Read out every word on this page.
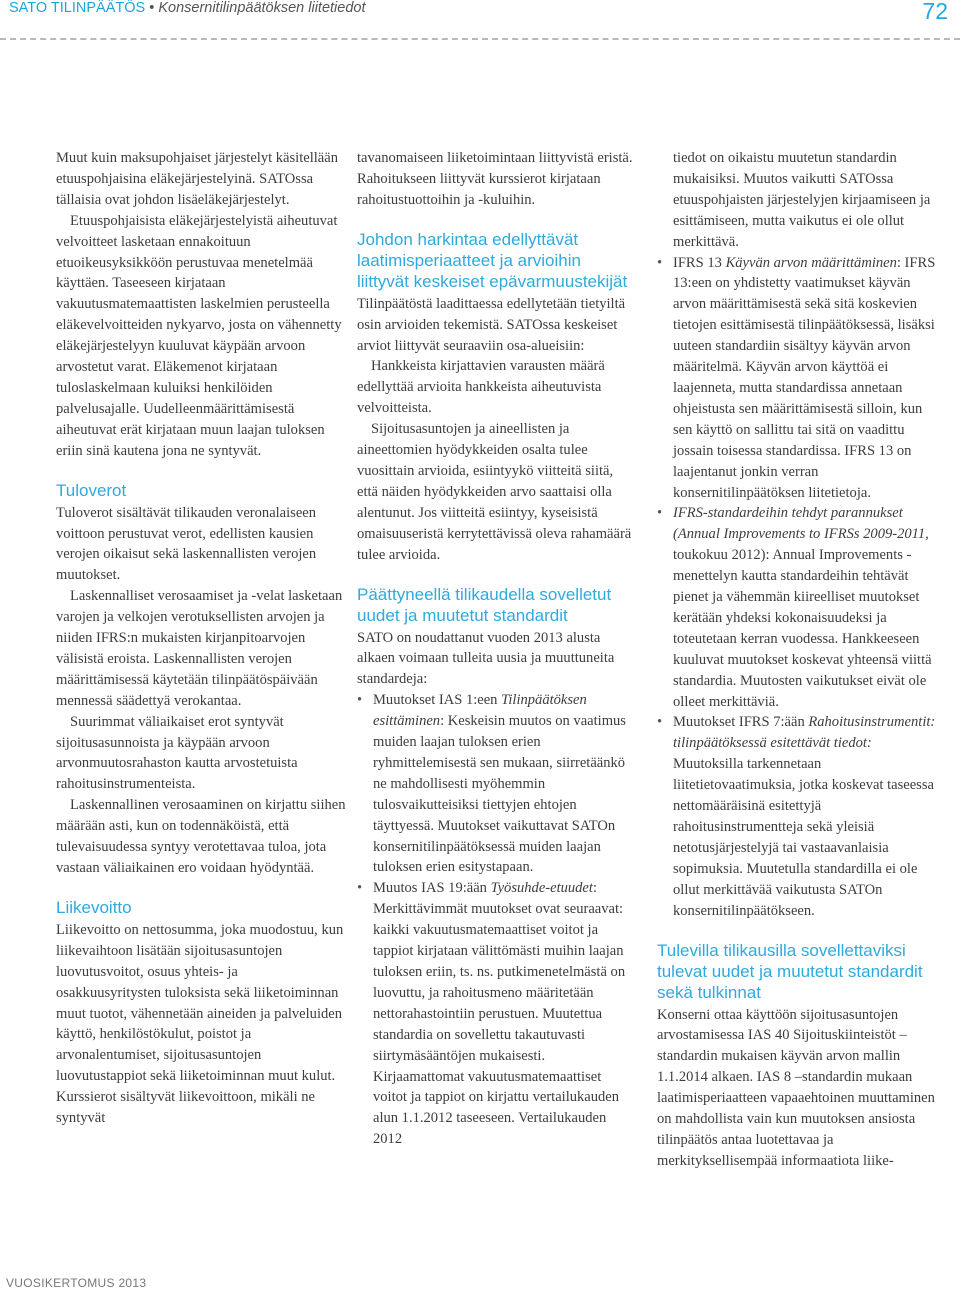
SATO TILINPÄÄTÖS • Konsernitilinpäätöksen liitetiedot	72

Muut kuin maksupohjaiset järjestelyt käsitellään etuuspohjaisina eläkejärjestelyinä. SATOssa tällaisia ovat johdon lisäeläkejärjestelyt.

Etuuspohjaisista eläkejärjestelyistä aiheutuvat velvoitteet lasketaan ennakoituun etuoikeusyksikköön perustuvaa menetelmää käyttäen. Taseeseen kirjataan vakuutusmatemaattisten laskelmien perusteella eläkevelvoitteiden nykyarvo, josta on vähennetty eläkejärjestelyyn kuuluvat käypään arvoon arvostetut varat. Eläkemenot kirjataan tuloslaskelmaan kuluiksi henkilöiden palvelusajalle. Uudelleenmäärittämisestä aiheutuvat erät kirjataan muun laajan tuloksen eriin sinä kautena jona ne syntyvät.

Tuloverot

Tuloverot sisältävät tilikauden veronalaiseen voittoon perustuvat verot, edellisten kausien verojen oikaisut sekä laskennallisten verojen muutokset.

Laskennalliset verosaamiset ja -velat lasketaan varojen ja velkojen verotuksellisten arvojen ja niiden IFRS:n mukaisten kirjanpitoarvojen välisistä eroista. Laskennallisten verojen määrittämisessä käytetään tilinpäätöspäivään mennessä säädettyä verokantaa.

Suurimmat väliaikaiset erot syntyvät sijoitusasunnoista ja käypään arvoon arvonmuutosrahaston kautta arvostetuista rahoitusinstrumenteista.

Laskennallinen verosaaminen on kirjattu siihen määrään asti, kun on todennäköistä, että tulevaisuudessa syntyy verotettavaa tuloa, jota vastaan väliaikainen ero voidaan hyödyntää.

Liikevoitto

Liikevoitto on nettosumma, joka muodostuu, kun liikevaihtoon lisätään sijoitusasuntojen luovutusvoitot, osuus yhteis- ja osakkuusyritysten tuloksista sekä liiketoiminnan muut tuotot, vähennetään aineiden ja palveluiden käyttö, henkilöstökulut, poistot ja arvonalentumiset, sijoitusasuntojen luovutustappiot sekä liiketoiminnan muut kulut. Kurssierot sisältyvät liikevoittoon, mikäli ne syntyvät

tavanomaiseen liiketoimintaan liittyvistä eristä. Rahoitukseen liittyvät kurssierot kirjataan rahoitustuottoihin ja -kuluihin.

Johdon harkintaa edellyttävät laatimisperiaatteet ja arvioihin liittyvät keskeiset epävarmuustekijät

Tilinpäätöstä laadittaessa edellytetään tietyiltä osin arvioiden tekemistä. SATOssa keskeiset arviot liittyvät seuraaviin osa-alueisiin:

Hankkeista kirjattavien varausten määrä edellyttää arvioita hankkeista aiheutuvista velvoitteista.

Sijoitusasuntojen ja aineellisten ja aineettomien hyödykkeiden osalta tulee vuosittain arvioida, esiintyykö viitteitä siitä, että näiden hyödykkeiden arvo saattaisi olla alentunut. Jos viitteitä esiintyy, kyseisistä omaisuuseristä kerrytettävissä oleva rahamäärä tulee arvioida.

Päättyneellä tilikaudella sovelletut uudet ja muutetut standardit

SATO on noudattanut vuoden 2013 alusta alkaen voimaan tulleita uusia ja muuttuneita standardeja:

• Muutokset IAS 1:een Tilinpäätöksen esittäminen: Keskeisin muutos on vaatimus muiden laajan tuloksen erien ryhmittelemisestä sen mukaan, siirretäänkö ne mahdollisesti myöhemmin tulosvaikutteisiksi tiettyjen ehtojen täyttyessä. Muutokset vaikuttavat SATOn konsernitilinpäätöksessä muiden laajan tuloksen erien esitystapaan.
• Muutos IAS 19:ään Työsuhde-etuudet: Merkittävimmät muutokset ovat seuraavat: kaikki vakuutusmatemaattiset voitot ja tappiot kirjataan välittömästi muihin laajan tuloksen eriin, ts. ns. putkimenetelmästä on luovuttu, ja rahoitusmeno määritetään nettorahastointiin perustuen. Muutettua standardia on sovellettu takautuvasti siirtymäsääntöjen mukaisesti. Kirjaamattomat vakuutusmatemaattiset voitot ja tappiot on kirjattu vertailukauden alun 1.1.2012 taseeseen. Vertailukauden 2012

tiedot on oikaistu muutetun standardin mukaisiksi. Muutos vaikutti SATOssa etuuspohjaisten järjestelyjen kirjaamiseen ja esittämiseen, mutta vaikutus ei ole ollut merkittävä.

• IFRS 13 Käyvän arvon määrittäminen: IFRS 13:een on yhdistetty vaatimukset käyvän arvon määrittämisestä sekä sitä koskevien tietojen esittämisestä tilinpäätöksessä, lisäksi uuteen standardiin sisältyy käyvän arvon määritelmä. Käyvän arvon käyttöä ei laajenneta, mutta standardissa annetaan ohjeistusta sen määrittämisestä silloin, kun sen käyttö on sallittu tai sitä on vaadittu jossain toisessa standardissa. IFRS 13 on laajentanut jonkin verran konsernitilinpäätöksen liitetietoja.
• IFRS-standardeihin tehdyt parannukset (Annual Improvements to IFRSs 2009-2011, toukokuu 2012): Annual Improvements -menettelyn kautta standardeihin tehtävät pienet ja vähemmän kiireelliset muutokset kerätään yhdeksi kokonaisuudeksi ja toteutetaan kerran vuodessa. Hankkeeseen kuuluvat muutokset koskevat yhteensä viittä standardia. Muutosten vaikutukset eivät ole olleet merkittäviä.
• Muutokset IFRS 7:ään Rahoitusinstrumentit: tilinpäätöksessä esitettävät tiedot: Muutoksilla tarkennetaan liitetietovaatimuksia, jotka koskevat taseessa nettomääräisinä esitettyjä rahoitusinstrumentteja sekä yleisiä netotusjärjestelyjä tai vastaavanlaisia sopimuksia. Muutetulla standardilla ei ole ollut merkittävää vaikutusta SATOn konsernitilinpäätökseen.
Tulevilla tilikausilla sovellettaviksi tulevat uudet ja muutetut standardit sekä tulkinnat

Konserni ottaa käyttöön sijoitusasuntojen arvostamisessa IAS 40 Sijoituskiinteistöt –standardin mukaisen käyvän arvon mallin 1.1.2014 alkaen. IAS 8 –standardin mukaan laatimisperiaatteen vapaaehtoinen muuttaminen on mahdollista vain kun muutoksen ansiosta tilinpäätös antaa luotettavaa ja merkityksellisempää informaatiota liike-

VUOSIKERTOMUS 2013
